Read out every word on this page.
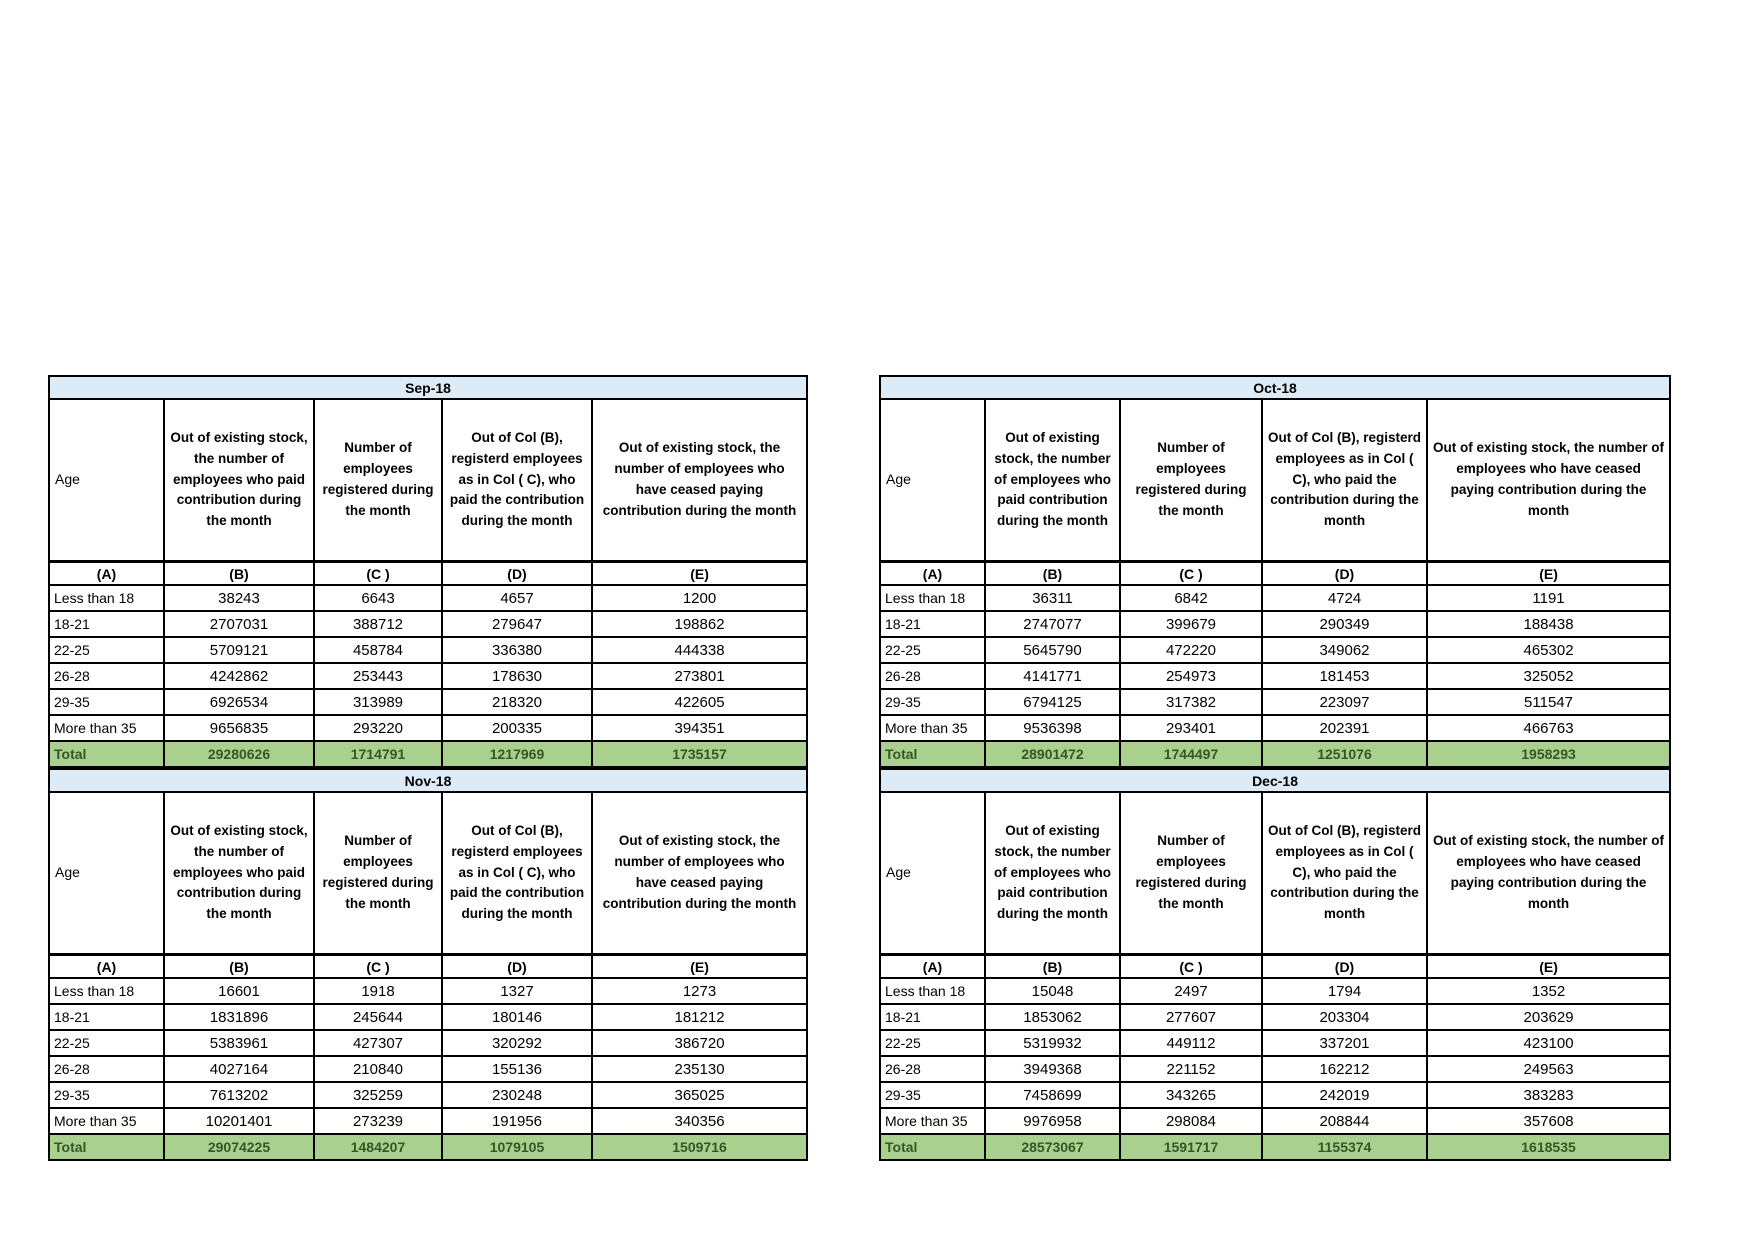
Sep-18				
Age	Out of existing stock, the number of employees who paid contribution during the month	Number of employees registered during the month	Out of Col (B), registerd employees as in Col ( C), who paid the contribution during the month	Out of existing stock, the number of employees who have ceased paying contribution during the month
(A)	(B)	(C )	(D)	(E)
Less than 18	38243	6643	4657	1200
18-21	2707031	388712	279647	198862
22-25	5709121	458784	336380	444338
26-28	4242862	253443	178630	273801
29-35	6926534	313989	218320	422605
More than 35	9656835	293220	200335	394351
Total	29280626	1714791	1217969	1735157
Oct-18				
Age	Out of existing stock, the number of employees who paid contribution during the month	Number of employees registered during the month	Out of Col (B), registerd employees as in Col ( C), who paid the contribution during the month	Out of existing stock, the number of employees who have ceased paying contribution during the month
(A)	(B)	(C )	(D)	(E)
Less than 18	36311	6842	4724	1191
18-21	2747077	399679	290349	188438
22-25	5645790	472220	349062	465302
26-28	4141771	254973	181453	325052
29-35	6794125	317382	223097	511547
More than 35	9536398	293401	202391	466763
Total	28901472	1744497	1251076	1958293
Nov-18				
Age	Out of existing stock, the number of employees who paid contribution during the month	Number of employees registered during the month	Out of Col (B), registerd employees as in Col ( C), who paid the contribution during the month	Out of existing stock, the number of employees who have ceased paying contribution during the month
(A)	(B)	(C )	(D)	(E)
Less than 18	16601	1918	1327	1273
18-21	1831896	245644	180146	181212
22-25	5383961	427307	320292	386720
26-28	4027164	210840	155136	235130
29-35	7613202	325259	230248	365025
More than 35	10201401	273239	191956	340356
Total	29074225	1484207	1079105	1509716
Dec-18				
Age	Out of existing stock, the number of employees who paid contribution during the month	Number of employees registered during the month	Out of Col (B), registerd employees as in Col ( C), who paid the contribution during the month	Out of existing stock, the number of employees who have ceased paying contribution during the month
(A)	(B)	(C )	(D)	(E)
Less than 18	15048	2497	1794	1352
18-21	1853062	277607	203304	203629
22-25	5319932	449112	337201	423100
26-28	3949368	221152	162212	249563
29-35	7458699	343265	242019	383283
More than 35	9976958	298084	208844	357608
Total	28573067	1591717	1155374	1618535
